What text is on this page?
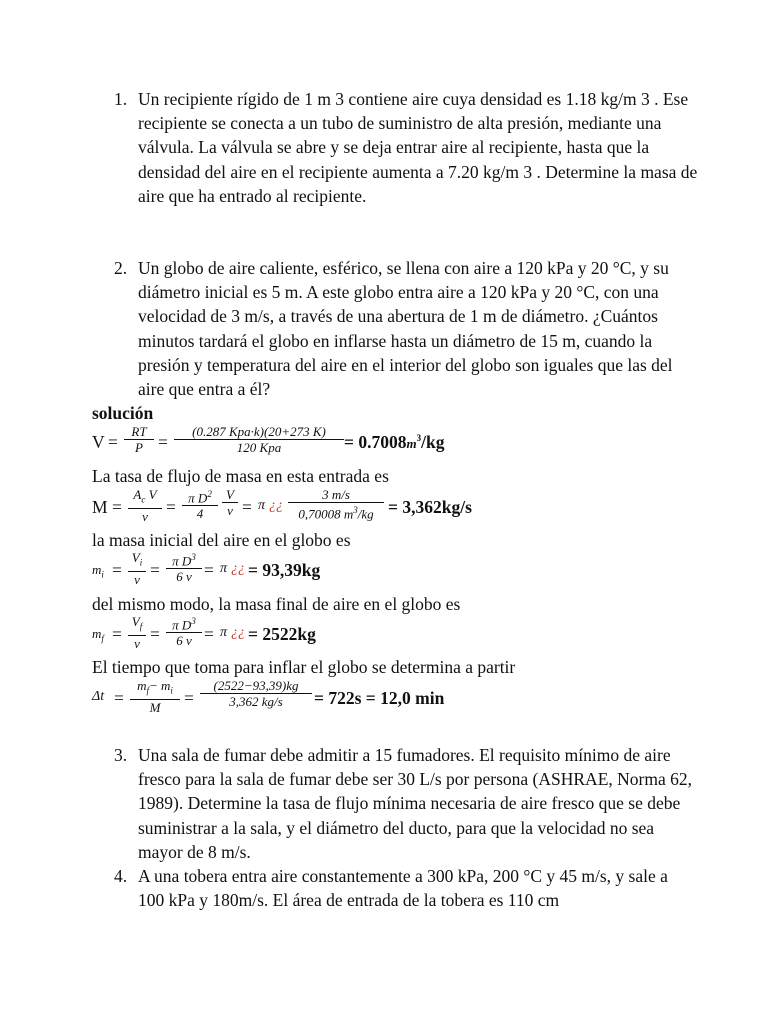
1. Un recipiente rígido de 1 m 3 contiene aire cuya densidad es 1.18 kg/m 3 . Ese recipiente se conecta a un tubo de suministro de alta presión, mediante una válvula. La válvula se abre y se deja entrar aire al recipiente, hasta que la densidad del aire en el recipiente aumenta a 7.20 kg/m 3 . Determine la masa de aire que ha entrado al recipiente.
2. Un globo de aire caliente, esférico, se llena con aire a 120 kPa y 20 °C, y su diámetro inicial es 5 m. A este globo entra aire a 120 kPa y 20 °C, con una velocidad de 3 m/s, a través de una abertura de 1 m de diámetro. ¿Cuántos minutos tardará el globo en inflarse hasta un diámetro de 15 m, cuando la presión y temperatura del aire en el interior del globo son iguales que las del aire que entra a él?
solución
$V = \frac{RT}{P}$ =
(0.287 Kpa·k)(20+273 K)
120 Kpa	= $0.7008m^3/kg$
La tasa de flujo de masa en esta entrada es
$M = \frac{A_c V}{v} = \frac{\pi D^2}{4} \frac{V}{v} = \pi$ ¿¿ $\frac{3 m/s}{0,70008 m^3/kg} = 3,362kg/s$
la masa inicial del aire en el globo es
$m_i = \frac{V_i}{v} = \frac{\pi D^3}{6 v} = \pi$ ¿¿ = 93,39kg
del mismo modo, la masa final de aire en el globo es
$m_f = \frac{V_f}{v} = \frac{\pi D^3}{6 v} = \pi$ ¿¿ = 2522kg
El tiempo que toma para inflar el globo se determina a partir
$\Delta t = \frac{m_f- m_i}{M} = \frac{(2522-93,39)kg}{3,362 kg/s} = 722s = 12,0$ min
3. Una sala de fumar debe admitir a 15 fumadores. El requisito mínimo de aire fresco para la sala de fumar debe ser 30 L/s por persona (ASHRAE, Norma 62, 1989). Determine la tasa de flujo mínima necesaria de aire fresco que se debe suministrar a la sala, y el diámetro del ducto, para que la velocidad no sea mayor de 8 m/s.
4. A una tobera entra aire constantemente a 300 kPa, 200 °C y 45 m/s, y sale a 100 kPa y 180m/s. El área de entrada de la tobera es 110 cm
